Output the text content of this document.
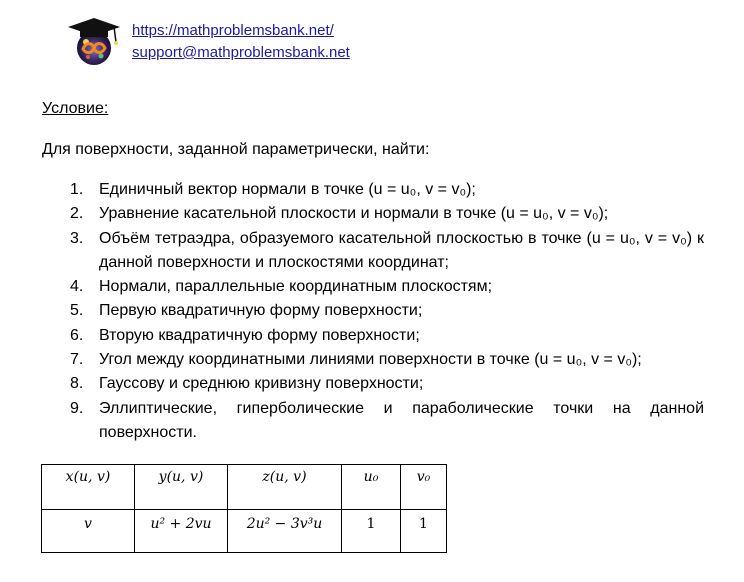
https://mathproblemsbank.net/
support@mathproblemsbank.net
Условие:
Для поверхности, заданной параметрически, найти:
1. Единичный вектор нормали в точке (u = u₀, v = v₀);
2. Уравнение касательной плоскости и нормали в точке (u = u₀, v = v₀);
3. Объём тетраэдра, образуемого касательной плоскостью в точке (u = u₀, v = v₀) к данной поверхности и плоскостями координат;
4. Нормали, параллельные координатным плоскостям;
5. Первую квадратичную форму поверхности;
6. Вторую квадратичную форму поверхности;
7. Угол между координатными линиями поверхности в точке (u = u₀, v = v₀);
8. Гауссову и среднюю кривизну поверхности;
9. Эллиптические, гиперболические и параболические точки на данной поверхности.
x(u, v)	y(u, v)	z(u, v)	u₀	v₀
v	u² + 2vu	2u² − 3v³u	1	1
